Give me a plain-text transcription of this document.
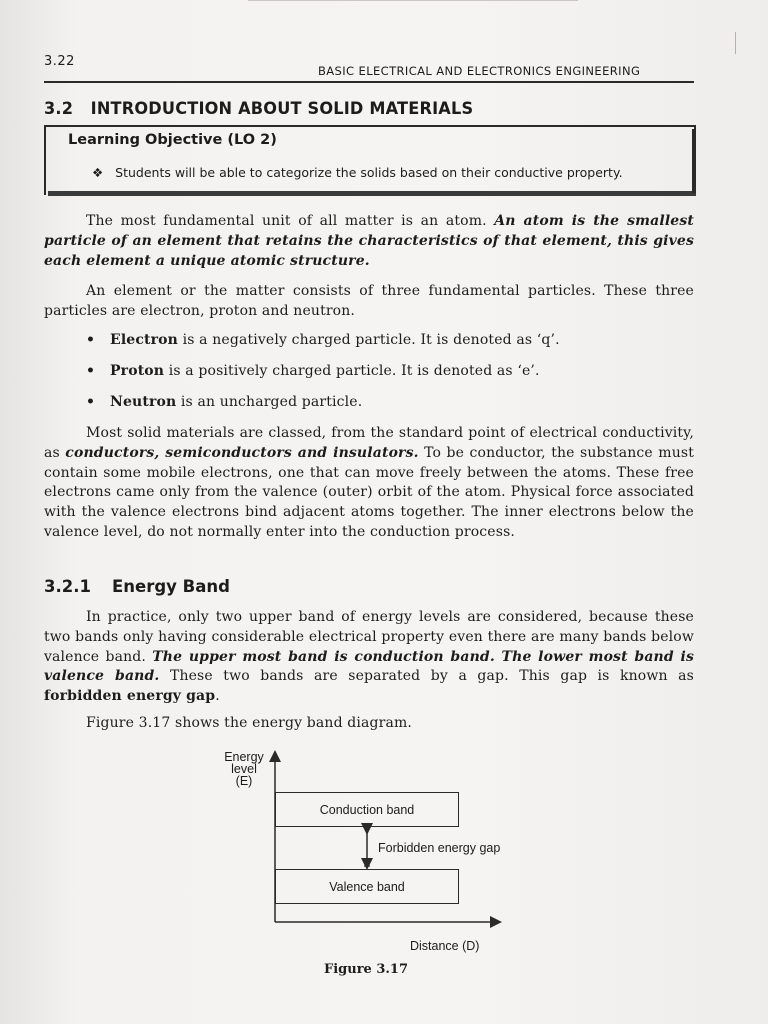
3.22
BASIC ELECTRICAL AND ELECTRONICS ENGINEERING
3.2 INTRODUCTION ABOUT SOLID MATERIALS
Learning Objective (LO 2)
❖ Students will be able to categorize the solids based on their conductive property.

The most fundamental unit of all matter is an atom. An atom is the smallest particle of an element that retains the characteristics of that element, this gives each element a unique atomic structure.

An element or the matter consists of three fundamental particles. These three particles are electron, proton and neutron.

• Electron is a negatively charged particle. It is denoted as ‘q’.
• Proton is a positively charged particle. It is denoted as ‘e’.
• Neutron is an uncharged particle.

Most solid materials are classed, from the standard point of electrical conductivity, as conductors, semiconductors and insulators. To be conductor, the substance must contain some mobile electrons, one that can move freely between the atoms. These free electrons came only from the valence (outer) orbit of the atom. Physical force associated with the valence electrons bind adjacent atoms together. The inner electrons below the valence level, do not normally enter into the conduction process.

3.2.1 Energy Band

In practice, only two upper band of energy levels are considered, because these two bands only having considerable electrical property even there are many bands below valence band. The upper most band is conduction band. The lower most band is valence band. These two bands are separated by a gap. This gap is known as forbidden energy gap.

Figure 3.17 shows the energy band diagram.

Energy
level
(E)
Conduction band
Valence band
Forbidden energy gap
Distance (D)
Figure 3.17
